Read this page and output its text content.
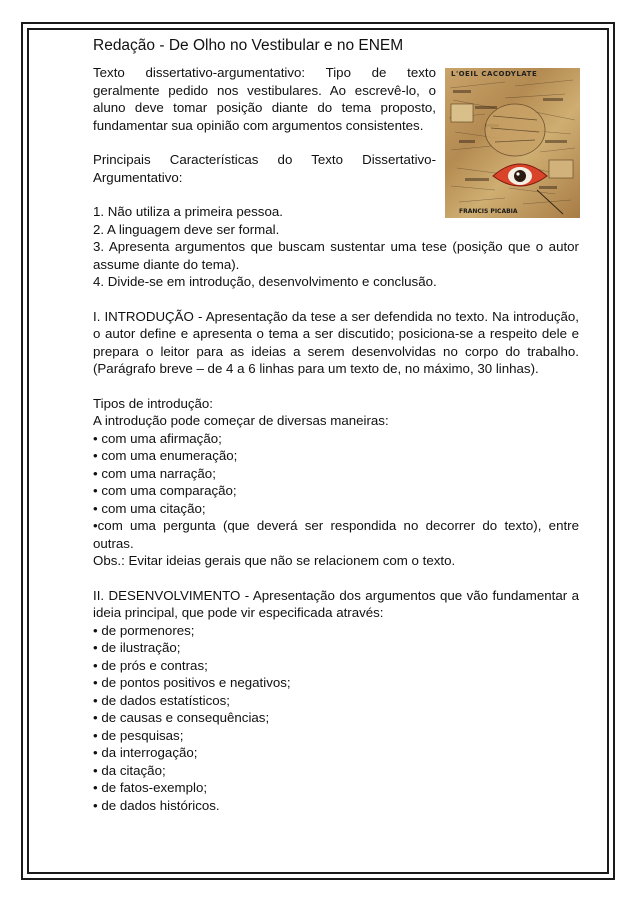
Redação - De Olho no Vestibular e no ENEM

Texto dissertativo-argumentativo: Tipo de texto geralmente pedido nos vestibulares. Ao escrevê-lo, o aluno deve tomar posição diante do tema proposto, fundamentar sua opinião com argumentos consistentes.

Principais Características do Texto Dissertativo-Argumentativo:

L'OEIL CACODYLATE
FRANCIS PICABIA

1. Não utiliza a primeira pessoa.

2. A linguagem deve ser formal.

3. Apresenta argumentos que buscam sustentar uma tese (posição que o autor assume diante do tema).

4. Divide-se em introdução, desenvolvimento e conclusão.

I. INTRODUÇÃO - Apresentação da tese a ser defendida no texto. Na introdução, o autor define e apresenta o tema a ser discutido; posiciona-se a respeito dele e prepara o leitor para as ideias a serem desenvolvidas no corpo do trabalho. (Parágrafo breve – de 4 a 6 linhas para um texto de, no máximo, 30 linhas).

Tipos de introdução:

A introdução pode começar de diversas maneiras:

• com uma afirmação;

• com uma enumeração;

• com uma narração;

• com uma comparação;

• com uma citação;

•com uma pergunta (que deverá ser respondida no decorrer do texto), entre outras.

Obs.: Evitar ideias gerais que não se relacionem com o texto.

II. DESENVOLVIMENTO - Apresentação dos argumentos que vão fundamentar a ideia principal, que pode vir especificada através:

• de pormenores;

• de ilustração;

• de prós e contras;

• de pontos positivos e negativos;

• de dados estatísticos;

• de causas e consequências;

• de pesquisas;

• da interrogação;

• da citação;

• de fatos-exemplo;

• de dados históricos.
